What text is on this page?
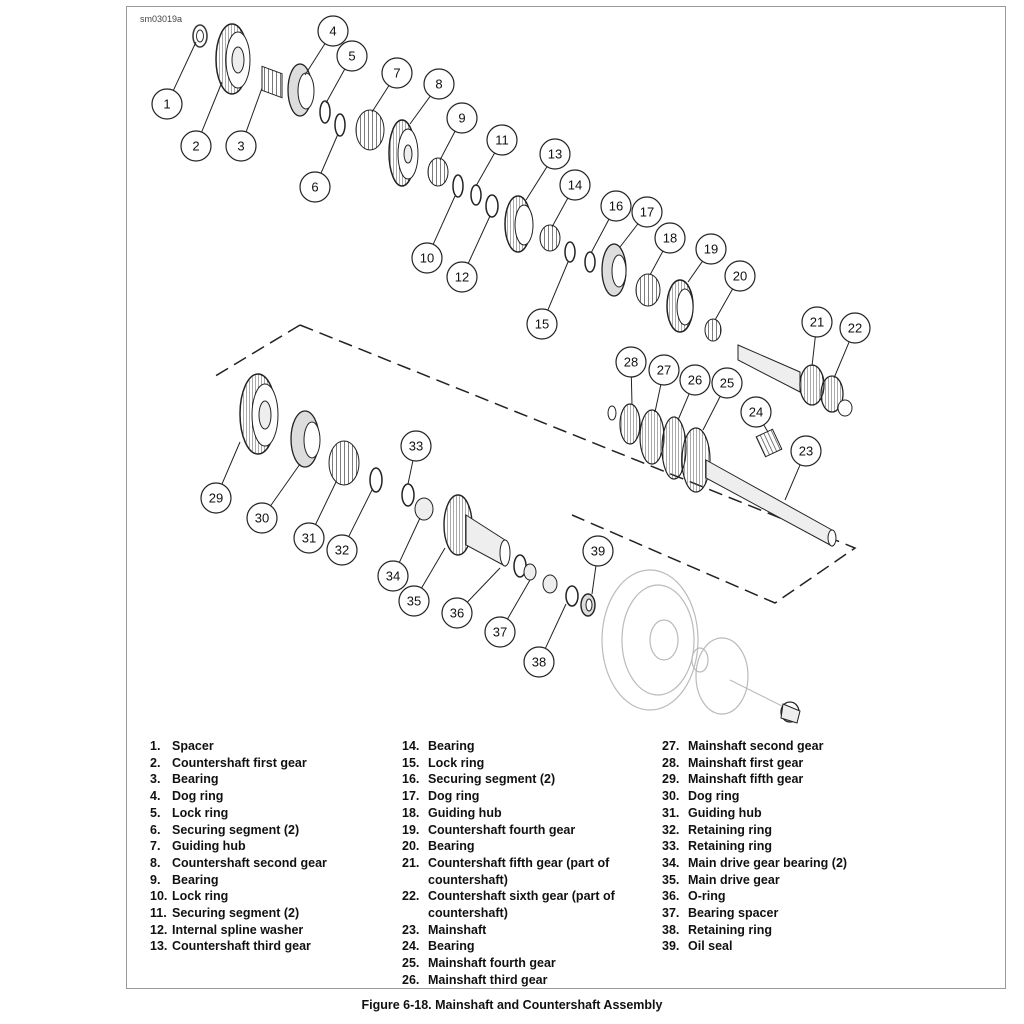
sm03019a
1
2	3
4
5
6
7
8
9
10
11
12
13
14
15
16 17
18
19
20
21 22
23
24
25
26
27
28
29
30
31
32
33
34
35
36
37
38
39
1. Spacer
2. Countershaft first gear
3. Bearing
4. Dog ring
5. Lock ring
6. Securing segment (2)
7. Guiding hub
8. Countershaft second gear
9. Bearing
10. Lock ring
11. Securing segment (2)
12. Internal spline washer
13. Countershaft third gear
14. Bearing
15. Lock ring
16. Securing segment (2)
17. Dog ring
18. Guiding hub
19. Countershaft fourth gear
20. Bearing
21. Countershaft fifth gear (part of countershaft)
22. Countershaft sixth gear (part of countershaft)
23. Mainshaft
24. Bearing
25. Mainshaft fourth gear
26. Mainshaft third gear
27. Mainshaft second gear
28. Mainshaft first gear
29. Mainshaft fifth gear
30. Dog ring
31. Guiding hub
32. Retaining ring
33. Retaining ring
34. Main drive gear bearing (2)
35. Main drive gear
36. O-ring
37. Bearing spacer
38. Retaining ring
39. Oil seal
Figure 6-18. Mainshaft and Countershaft Assembly
